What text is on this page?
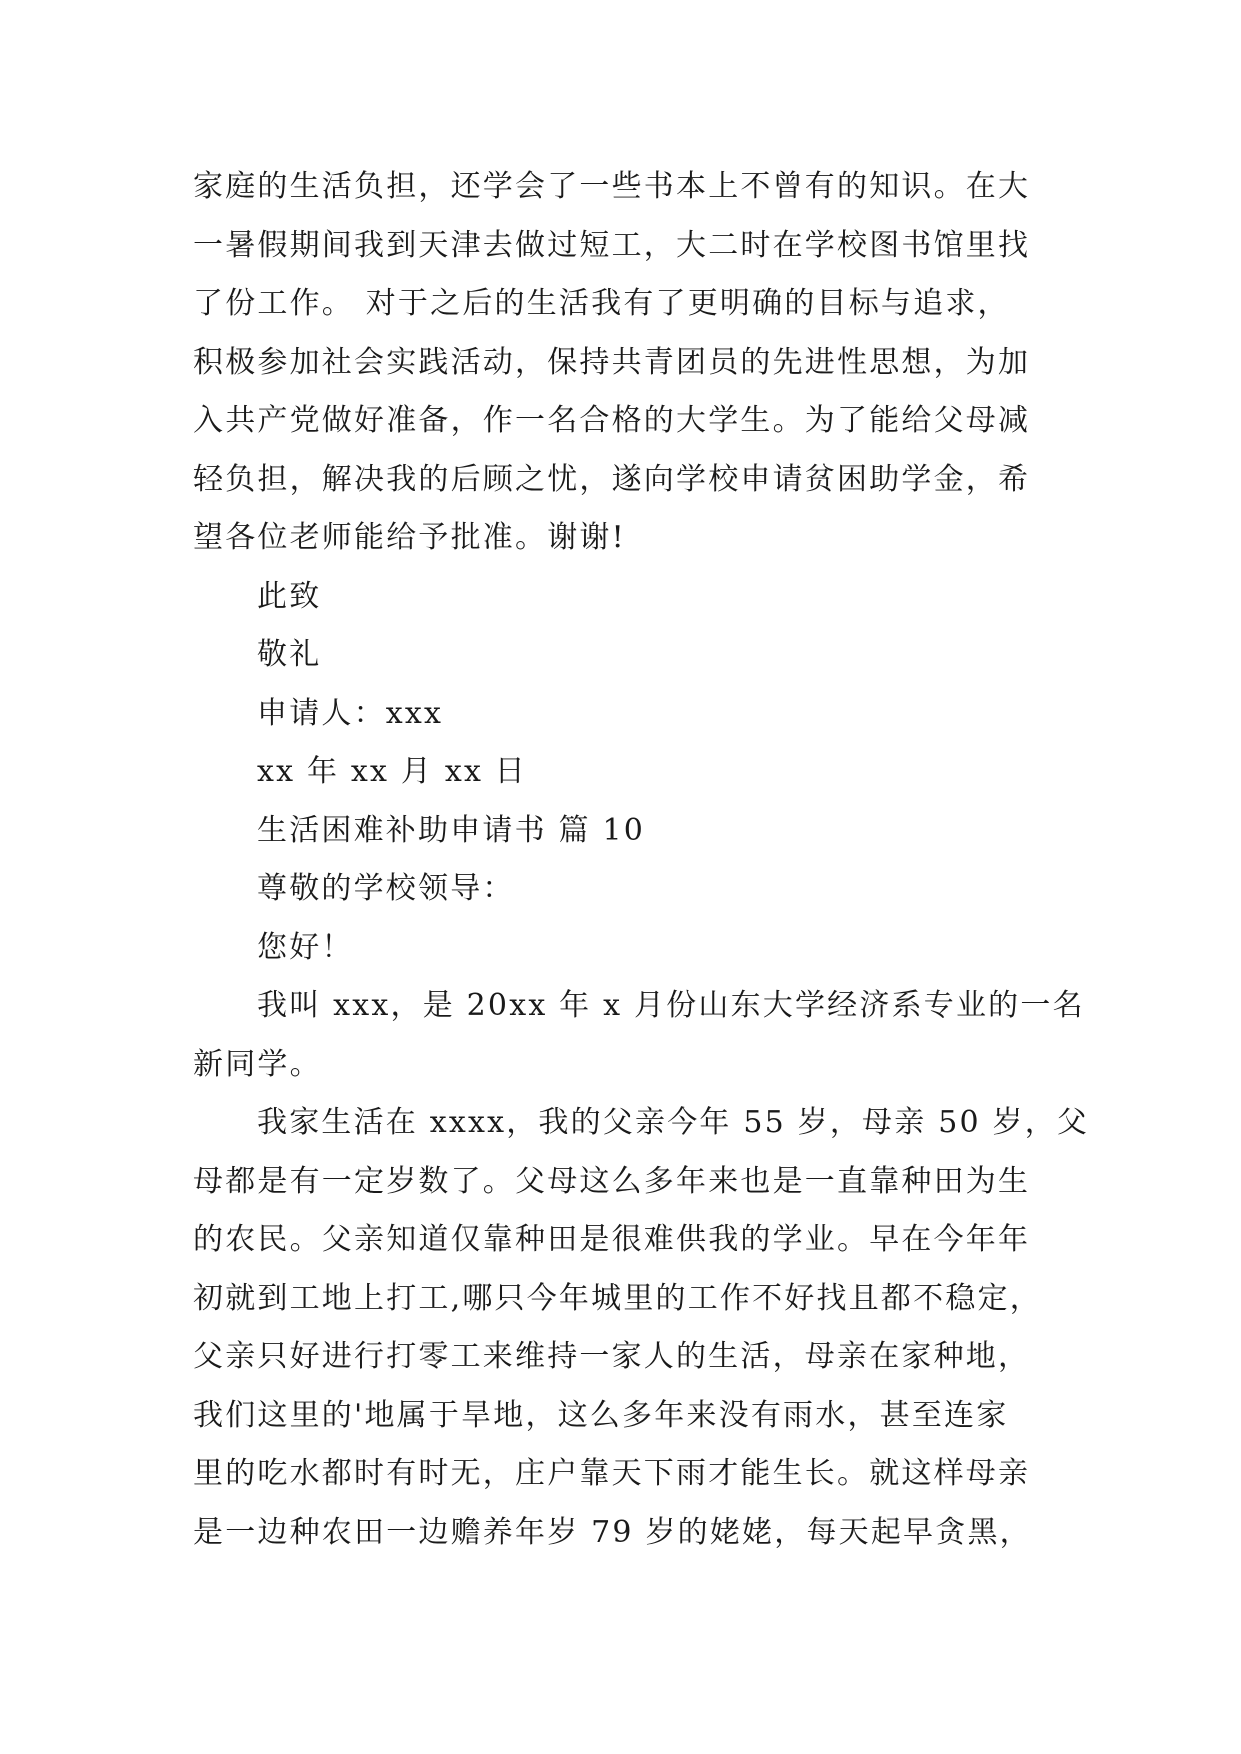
家庭的生活负担，还学会了一些书本上不曾有的知识。在大
一暑假期间我到天津去做过短工，大二时在学校图书馆里找
了份工作。 对于之后的生活我有了更明确的目标与追求，
积极参加社会实践活动，保持共青团员的先进性思想，为加
入共产党做好准备，作一名合格的大学生。为了能给父母减
轻负担，解决我的后顾之忧，遂向学校申请贫困助学金，希
望各位老师能给予批准。谢谢!
此致
敬礼
申请人：xxx
xx 年 xx 月 xx 日
生活困难补助申请书 篇 10
尊敬的学校领导：
您好！
我叫 xxx，是 20xx 年 x 月份山东大学经济系专业的一名
新同学。
我家生活在 xxxx，我的父亲今年 55 岁，母亲 50 岁，父
母都是有一定岁数了。父母这么多年来也是一直靠种田为生
的农民。父亲知道仅靠种田是很难供我的学业。早在今年年
初就到工地上打工,哪只今年城里的工作不好找且都不稳定，
父亲只好进行打零工来维持一家人的生活，母亲在家种地，
我们这里的'地属于旱地，这么多年来没有雨水，甚至连家
里的吃水都时有时无，庄户靠天下雨才能生长。就这样母亲
是一边种农田一边赡养年岁 79 岁的姥姥，每天起早贪黑，
